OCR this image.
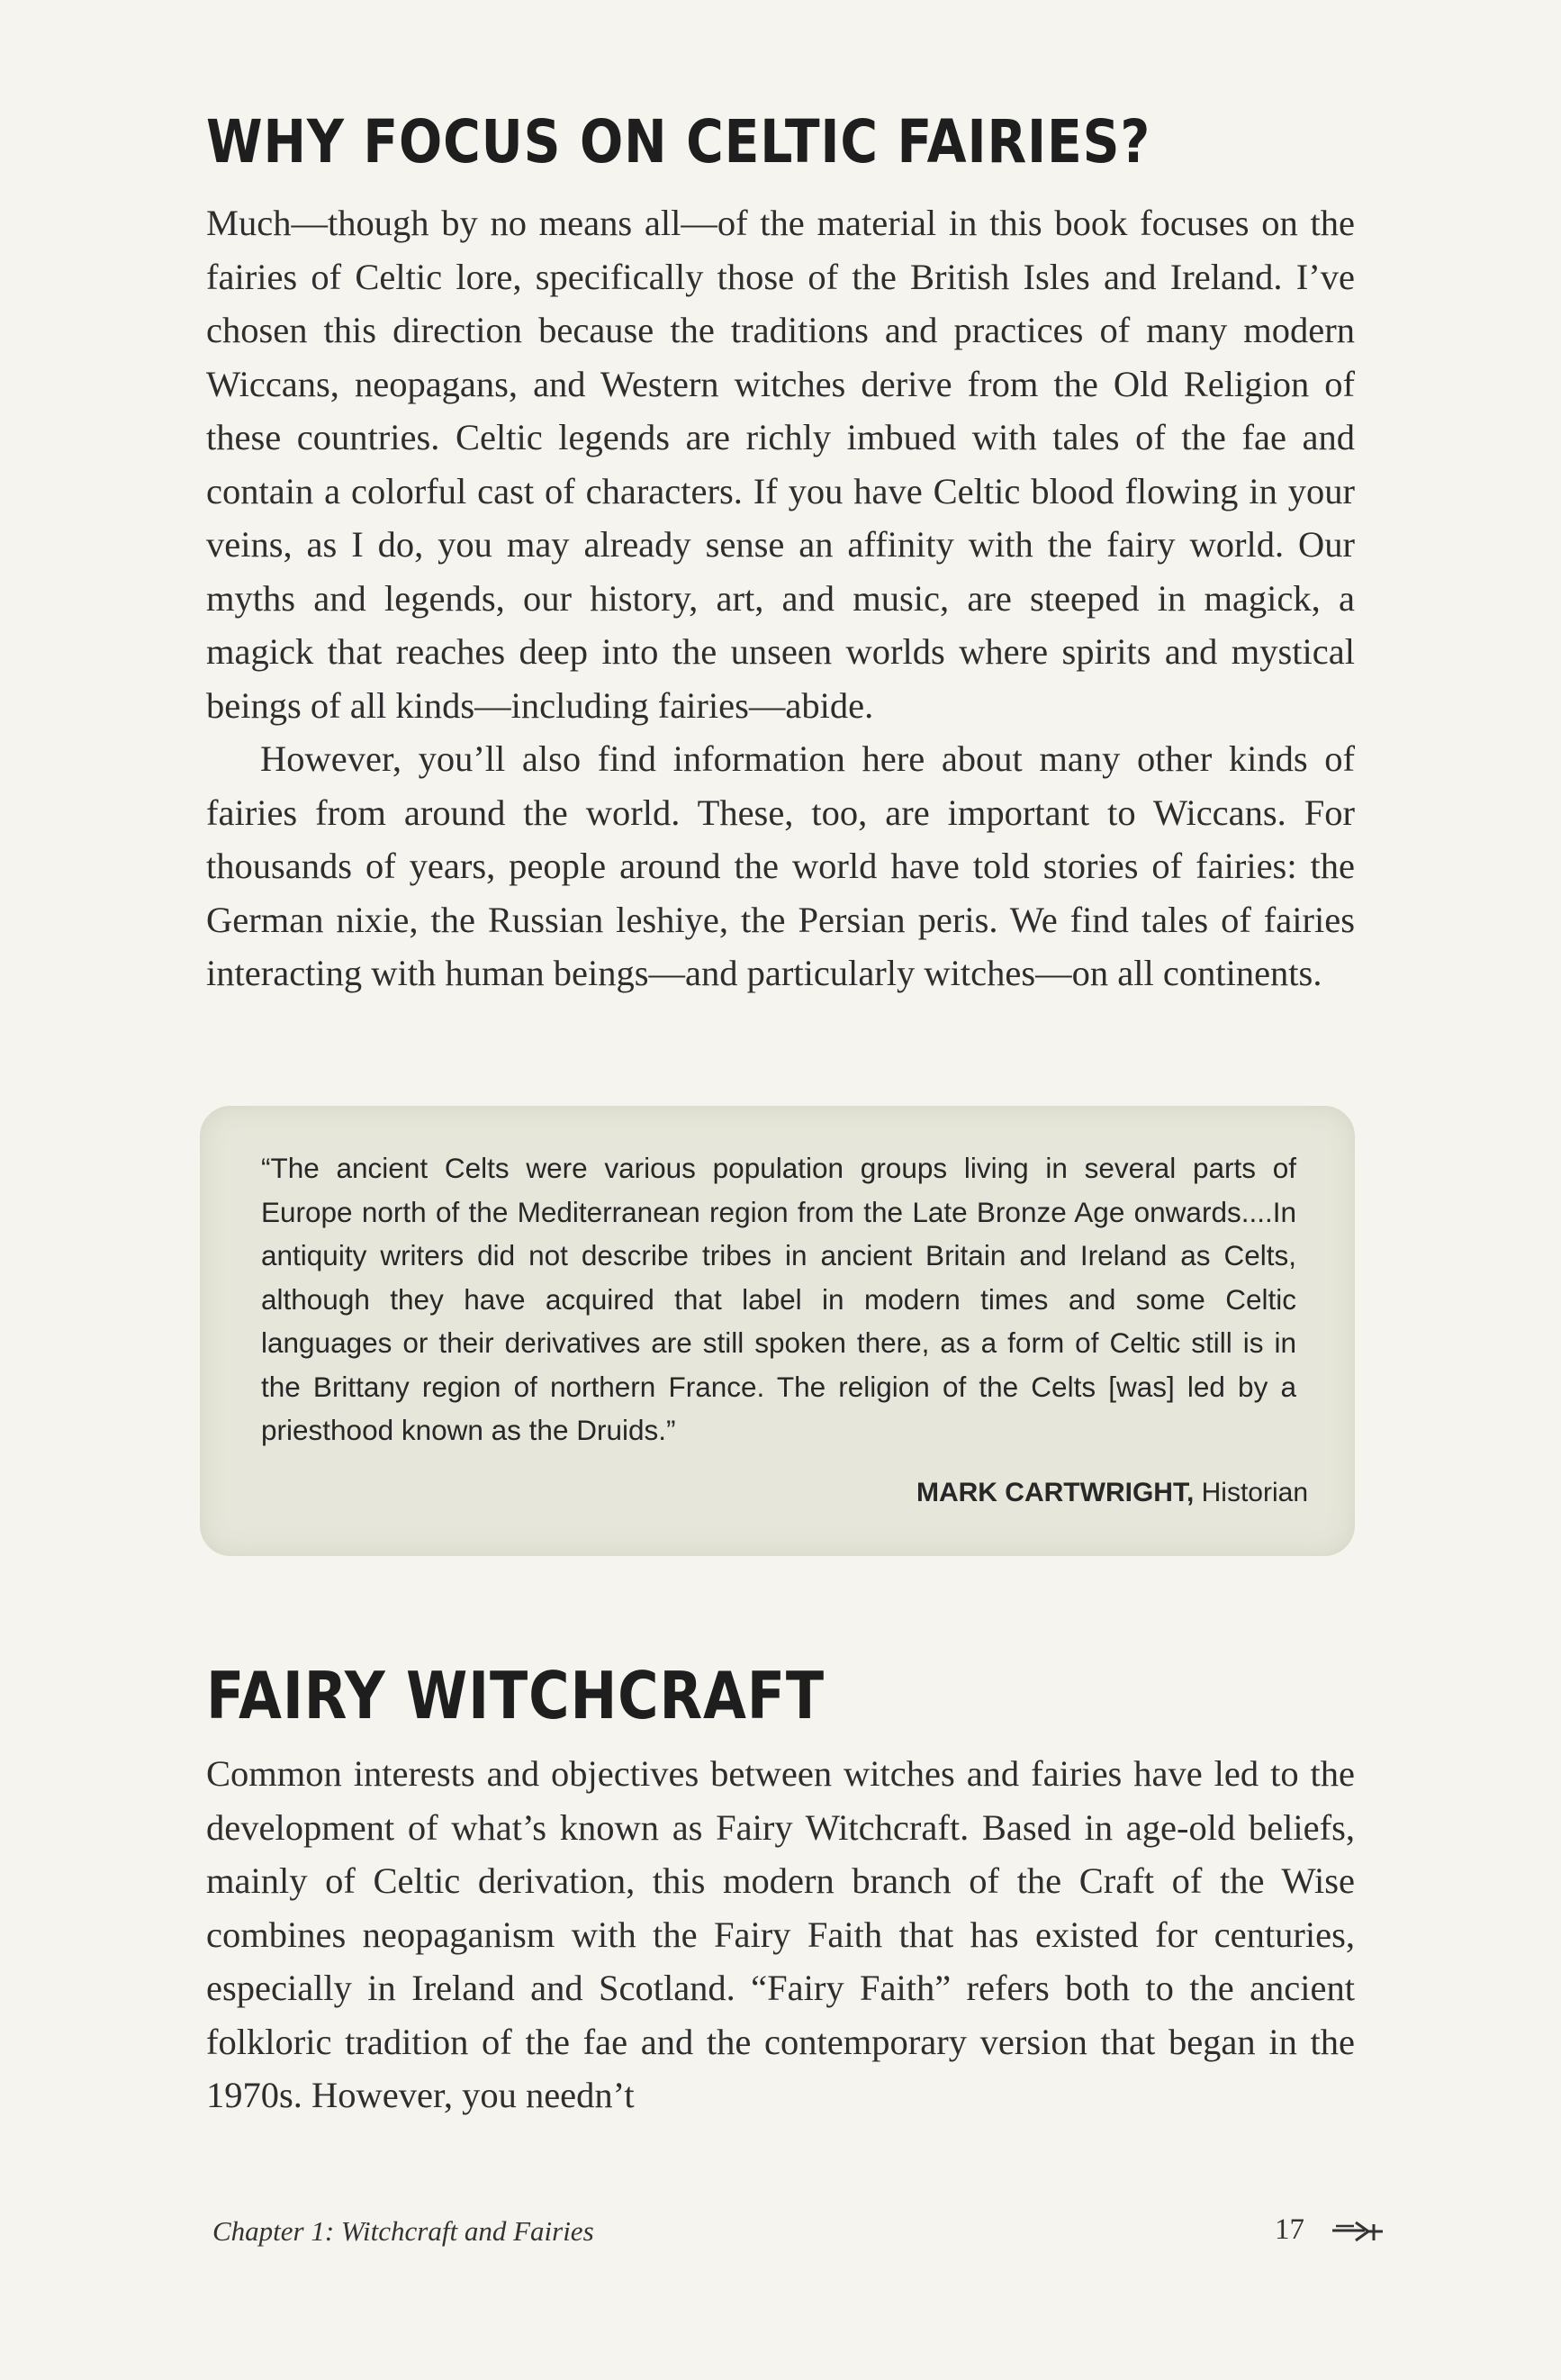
WHY FOCUS ON CELTIC FAIRIES?

Much—though by no means all—of the material in this book focuses on the fairies of Celtic lore, specifically those of the British Isles and Ireland. I’ve chosen this direction because the traditions and practices of many modern Wiccans, neopagans, and Western witches derive from the Old Religion of these countries. Celtic legends are richly imbued with tales of the fae and contain a colorful cast of characters. If you have Celtic blood flowing in your veins, as I do, you may already sense an affinity with the fairy world. Our myths and legends, our history, art, and music, are steeped in magick, a magick that reaches deep into the unseen worlds where spirits and mystical beings of all kinds—including fairies—abide.

However, you’ll also find information here about many other kinds of fairies from around the world. These, too, are important to Wiccans. For thousands of years, people around the world have told stories of fairies: the German nixie, the Russian leshiye, the Persian peris. We find tales of fairies interacting with human beings—and particularly witches—on all continents.

“The ancient Celts were various population groups living in several parts of Europe north of the Mediterranean region from the Late Bronze Age onwards....In antiquity writers did not describe tribes in ancient Britain and Ireland as Celts, although they have acquired that label in modern times and some Celtic languages or their derivatives are still spoken there, as a form of Celtic still is in the Brittany region of northern France. The religion of the Celts [was] led by a priesthood known as the Druids.”

MARK CARTWRIGHT, Historian
FAIRY WITCHCRAFT

Common interests and objectives between witches and fairies have led to the development of what’s known as Fairy Witchcraft. Based in age-old beliefs, mainly of Celtic derivation, this modern branch of the Craft of the Wise combines neopaganism with the Fairy Faith that has existed for centuries, especially in Ireland and Scotland. “Fairy Faith” refers both to the ancient folkloric tradition of the fae and the contemporary version that began in the 1970s. However, you needn’t

Chapter 1: Witchcraft and Fairies	17
